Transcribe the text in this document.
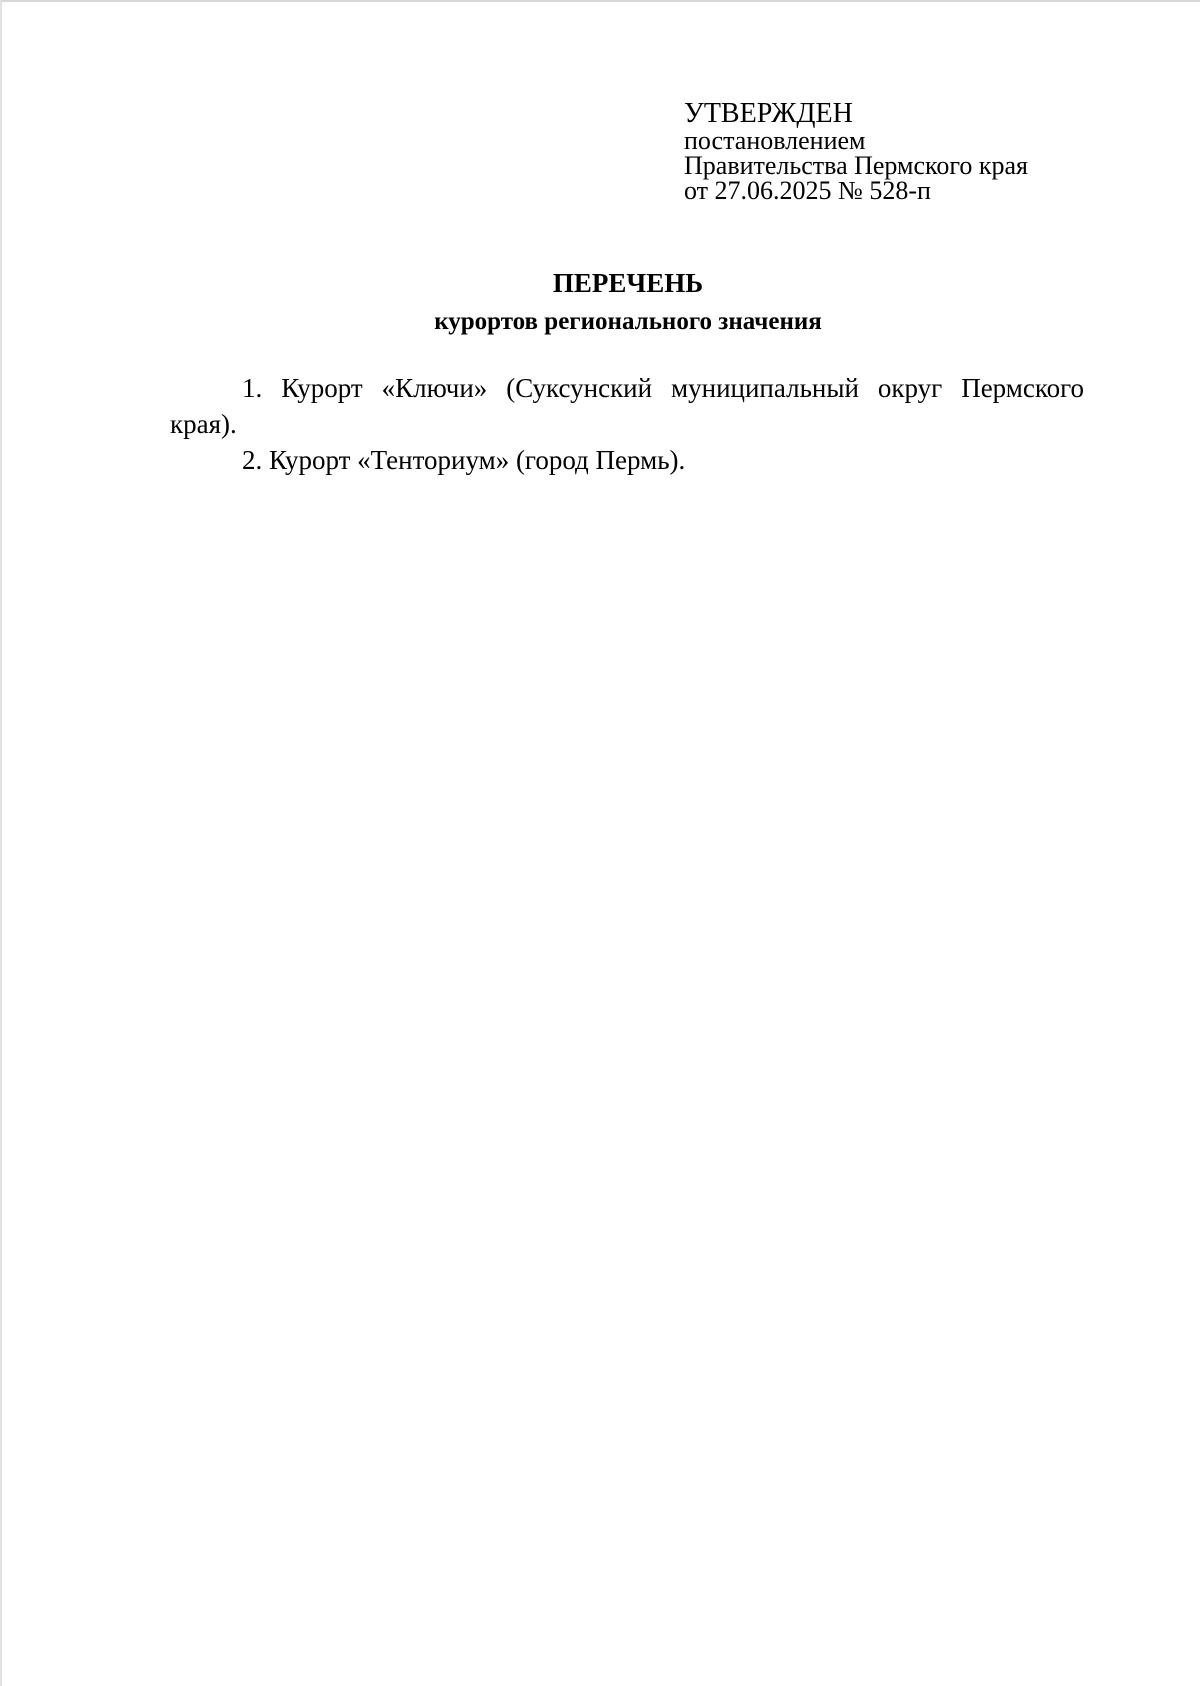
УТВЕРЖДЕН
постановлением
Правительства Пермского края
от 27.06.2025 № 528-п
ПЕРЕЧЕНЬ
курортов регионального значения

1. Курорт «Ключи» (Суксунский муниципальный округ Пермского края).

2. Курорт «Тенториум» (город Пермь).
